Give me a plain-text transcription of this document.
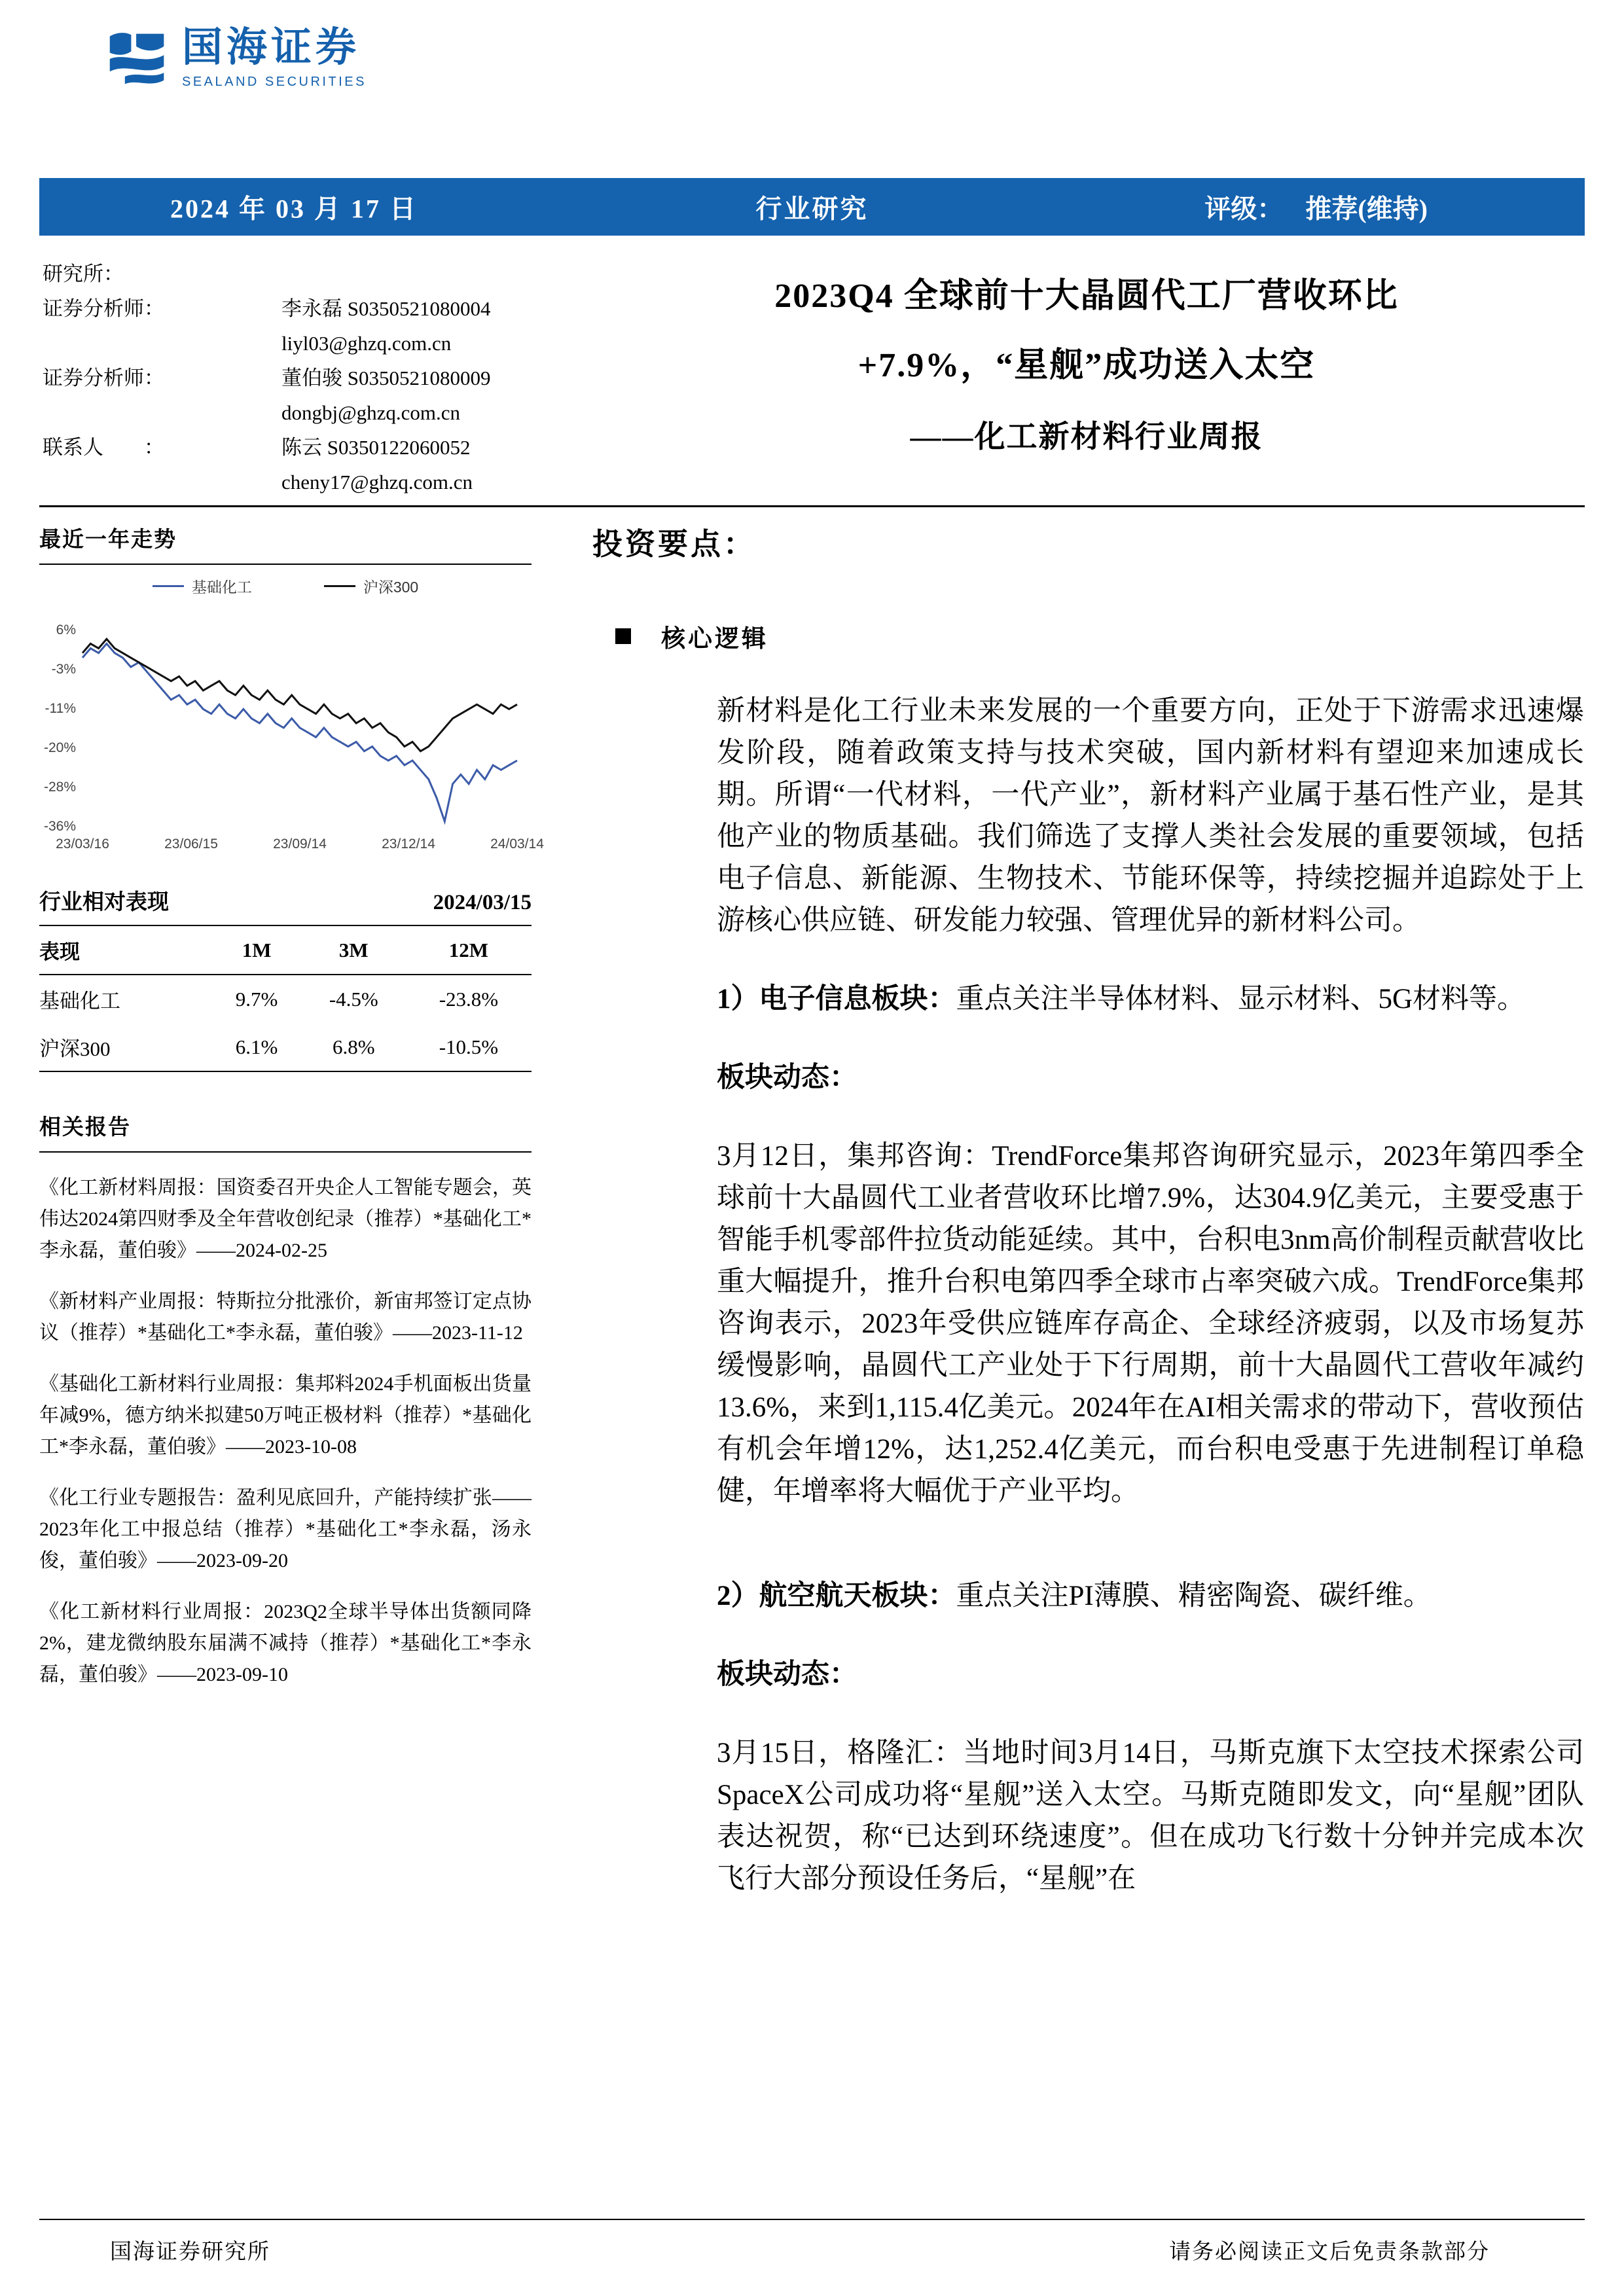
国海证券
SEALAND SECURITIES
2024 年 03 月 17 日	行业研究	评级： 推荐(维持)
研究所：
证券分析师：	李永磊 S0350521080004
liyl03@ghzq.com.cn
证券分析师：	董伯骏 S0350521080009
dongbj@ghzq.com.cn
联系人　　：	陈云 S0350122060052
cheny17@ghzq.com.cn
2023Q4 全球前十大晶圆代工厂营收环比
+7.9%，“星舰”成功送入太空
——化工新材料行业周报
最近一年走势
基础化工	沪深300
6%
-3%
-11%
-20%
-28%
-36%
23/03/16	23/06/15	23/09/14	23/12/14	24/03/14
行业相对表现	2024/03/15
表现	1M	3M	12M
基础化工	9.7%	-4.5%	-23.8%
沪深300	6.1%	6.8%	-10.5%
相关报告

《化工新材料周报：国资委召开央企人工智能专题会，英伟达2024第四财季及全年营收创纪录（推荐）*基础化工*李永磊，董伯骏》——2024-02-25

《新材料产业周报：特斯拉分批涨价，新宙邦签订定点协议（推荐）*基础化工*李永磊，董伯骏》——2023-11-12

《基础化工新材料行业周报：集邦料2024手机面板出货量年减9%，德方纳米拟建50万吨正极材料（推荐）*基础化工*李永磊，董伯骏》——2023-10-08

《化工行业专题报告：盈利见底回升，产能持续扩张——2023年化工中报总结（推荐）*基础化工*李永磊，汤永俊，董伯骏》——2023-09-20

《化工新材料行业周报：2023Q2全球半导体出货额同降2%，建龙微纳股东届满不减持（推荐）*基础化工*李永磊，董伯骏》——2023-09-10

投资要点：
核心逻辑

新材料是化工行业未来发展的一个重要方向，正处于下游需求迅速爆发阶段，随着政策支持与技术突破，国内新材料有望迎来加速成长期。所谓“一代材料，一代产业”，新材料产业属于基石性产业，是其他产业的物质基础。我们筛选了支撑人类社会发展的重要领域，包括电子信息、新能源、生物技术、节能环保等，持续挖掘并追踪处于上游核心供应链、研发能力较强、管理优异的新材料公司。

1）电子信息板块：重点关注半导体材料、显示材料、5G材料等。

板块动态：

3月12日，集邦咨询：TrendForce集邦咨询研究显示，2023年第四季全球前十大晶圆代工业者营收环比增7.9%，达304.9亿美元，主要受惠于智能手机零部件拉货动能延续。其中，台积电3nm高价制程贡献营收比重大幅提升，推升台积电第四季全球市占率突破六成。TrendForce集邦咨询表示，2023年受供应链库存高企、全球经济疲弱，以及市场复苏缓慢影响，晶圆代工产业处于下行周期，前十大晶圆代工营收年减约13.6%，来到1,115.4亿美元。2024年在AI相关需求的带动下，营收预估有机会年增12%，达1,252.4亿美元，而台积电受惠于先进制程订单稳健，年增率将大幅优于产业平均。

2）航空航天板块：重点关注PI薄膜、精密陶瓷、碳纤维。

板块动态：

3月15日，格隆汇：当地时间3月14日，马斯克旗下太空技术探索公司SpaceX公司成功将“星舰”送入太空。马斯克随即发文，向“星舰”团队表达祝贺，称“已达到环绕速度”。但在成功飞行数十分钟并完成本次飞行大部分预设任务后，“星舰”在

国海证券研究所	请务必阅读正文后免责条款部分
